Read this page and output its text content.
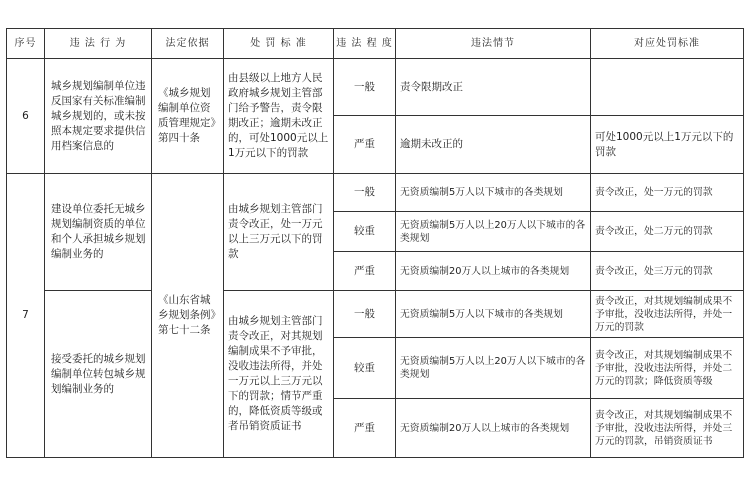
序号	违 法 行 为	法定依据	处 罚 标 准	违 法 程 度	违法情节	对应处罚标准
6	城乡规划编制单位违反国家有关标准编制城乡规划的，或未按照本规定要求提供信用档案信息的	《城乡规划编制单位资质管理规定》第四十条	由县级以上地方人民政府城乡规划主管部门给予警告，责令限期改正；逾期未改正的，可处1000元以上1万元以下的罚款	一般	责令限期改正	
				严重	逾期未改正的	可处1000元以上1万元以下的罚款
7	建设单位委托无城乡规划编制资质的单位和个人承担城乡规划编制业务的	《山东省城乡规划条例》第七十二条	由城乡规划主管部门责令改正，处一万元以上三万元以下的罚款	一般	无资质编制5万人以下城市的各类规划	责令改正，处一万元的罚款
				较重	无资质编制5万人以上20万人以下城市的各类规划	责令改正，处二万元的罚款
				严重	无资质编制20万人以上城市的各类规划	责令改正，处三万元的罚款
	接受委托的城乡规划编制单位转包城乡规划编制业务的		由城乡规划主管部门责令改正，对其规划编制成果不予审批，没收违法所得，并处一万元以上三万元以下的罚款；情节严重的，降低资质等级或者吊销资质证书	一般	无资质编制5万人以下城市的各类规划	责令改正，对其规划编制成果不予审批，没收违法所得，并处一万元的罚款
				较重	无资质编制5万人以上20万人以下城市的各类规划	责令改正，对其规划编制成果不予审批，没收违法所得，并处二万元的罚款；降低资质等级
				严重	无资质编制20万人以上城市的各类规划	责令改正，对其规划编制成果不予审批，没收违法所得，并处三万元的罚款，吊销资质证书
